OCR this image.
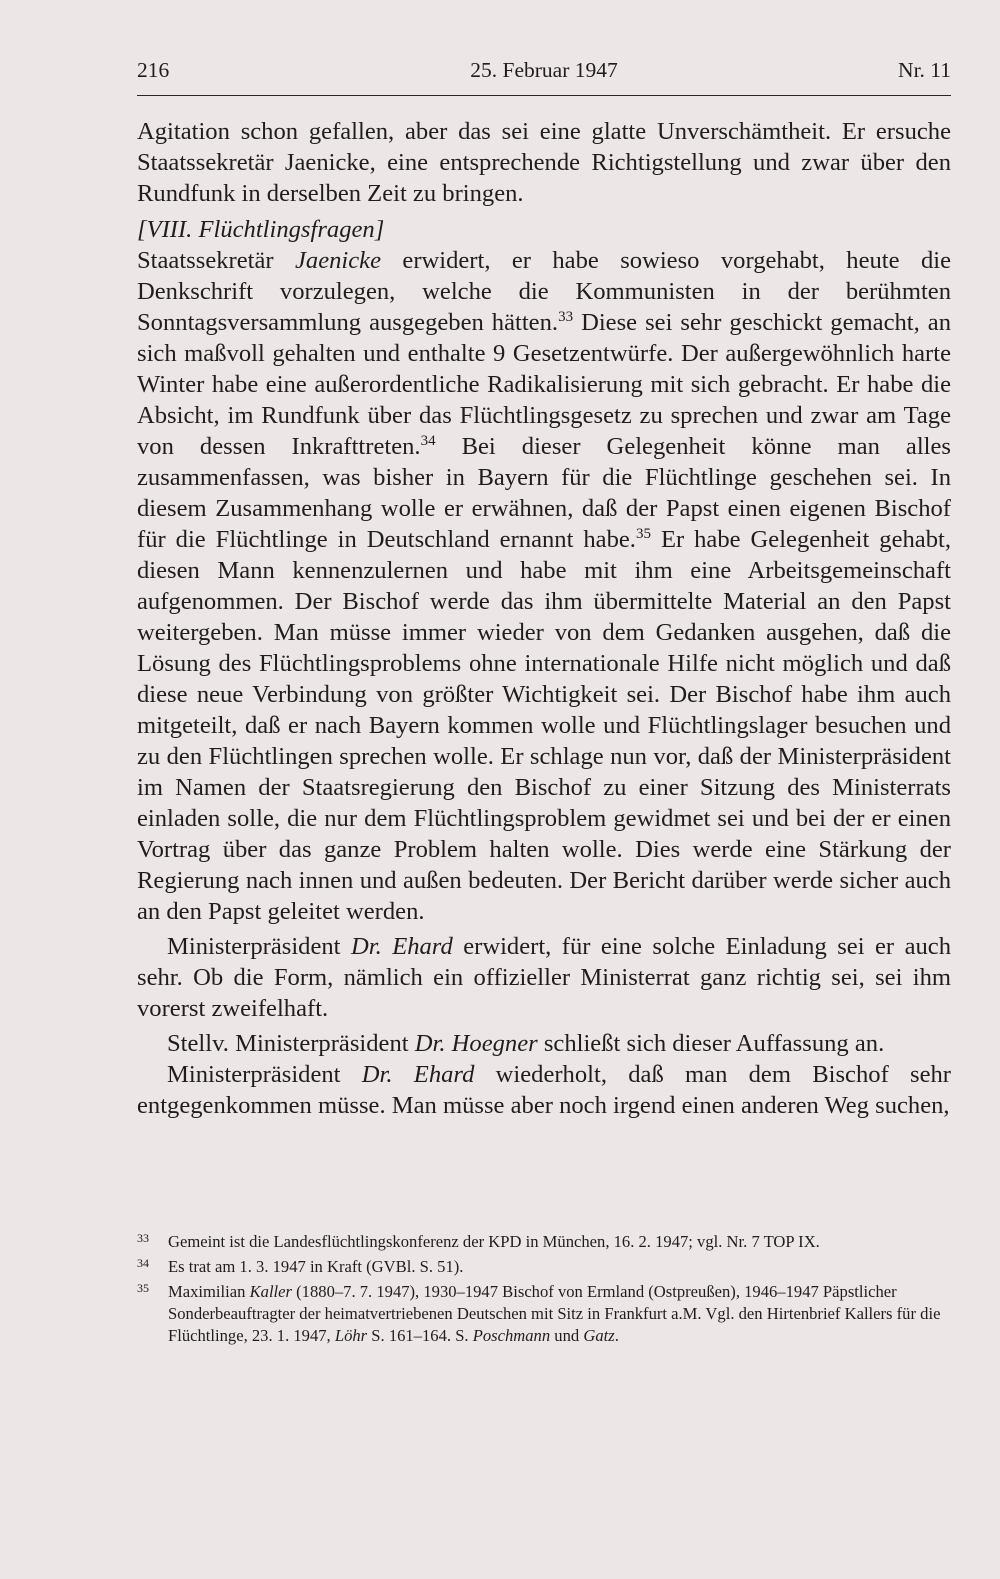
216	25. Februar 1947	Nr. 11

Agitation schon gefallen, aber das sei eine glatte Unverschämtheit. Er ersuche Staatssekretär Jaenicke, eine entsprechende Richtigstellung und zwar über den Rundfunk in derselben Zeit zu bringen.

[VIII. Flüchtlingsfragen]

Staatssekretär Jaenicke erwidert, er habe sowieso vorgehabt, heute die Denkschrift vorzulegen, welche die Kommunisten in der berühmten Sonntagsversammlung ausgegeben hätten.$^{33}$ Diese sei sehr geschickt gemacht, an sich maßvoll gehalten und enthalte 9 Gesetzentwürfe. Der außergewöhnlich harte Winter habe eine außerordentliche Radikalisierung mit sich gebracht. Er habe die Absicht, im Rundfunk über das Flüchtlingsgesetz zu sprechen und zwar am Tage von dessen Inkrafttreten.$^{34}$ Bei dieser Gelegenheit könne man alles zusammenfassen, was bisher in Bayern für die Flüchtlinge geschehen sei. In diesem Zusammenhang wolle er erwähnen, daß der Papst einen eigenen Bischof für die Flüchtlinge in Deutschland ernannt habe.$^{35}$ Er habe Gelegenheit gehabt, diesen Mann kennenzulernen und habe mit ihm eine Arbeitsgemeinschaft aufgenommen. Der Bischof werde das ihm übermittelte Material an den Papst weitergeben. Man müsse immer wieder von dem Gedanken ausgehen, daß die Lösung des Flüchtlingsproblems ohne internationale Hilfe nicht möglich und daß diese neue Verbindung von größter Wichtigkeit sei. Der Bischof habe ihm auch mitgeteilt, daß er nach Bayern kommen wolle und Flüchtlingslager besuchen und zu den Flüchtlingen sprechen wolle. Er schlage nun vor, daß der Ministerpräsident im Namen der Staatsregierung den Bischof zu einer Sitzung des Ministerrats einladen solle, die nur dem Flüchtlingsproblem gewidmet sei und bei der er einen Vortrag über das ganze Problem halten wolle. Dies werde eine Stärkung der Regierung nach innen und außen bedeuten. Der Bericht darüber werde sicher auch an den Papst geleitet werden.

Ministerpräsident Dr. Ehard erwidert, für eine solche Einladung sei er auch sehr. Ob die Form, nämlich ein offizieller Ministerrat ganz richtig sei, sei ihm vorerst zweifelhaft.

Stellv. Ministerpräsident Dr. Hoegner schließt sich dieser Auffassung an.

Ministerpräsident Dr. Ehard wiederholt, daß man dem Bischof sehr entgegenkommen müsse. Man müsse aber noch irgend einen anderen Weg suchen,

33 Gemeint ist die Landesflüchtlingskonferenz der KPD in München, 16. 2. 1947; vgl. Nr. 7 TOP IX.
34 Es trat am 1. 3. 1947 in Kraft (GVBl. S. 51).
35 Maximilian Kaller (1880–7. 7. 1947), 1930–1947 Bischof von Ermland (Ostpreußen), 1946–1947 Päpstlicher Sonderbeauftragter der heimatvertriebenen Deutschen mit Sitz in Frankfurt a.M. Vgl. den Hirtenbrief Kallers für die Flüchtlinge, 23. 1. 1947, Löhr S. 161–164. S. Poschmann und Gatz.
